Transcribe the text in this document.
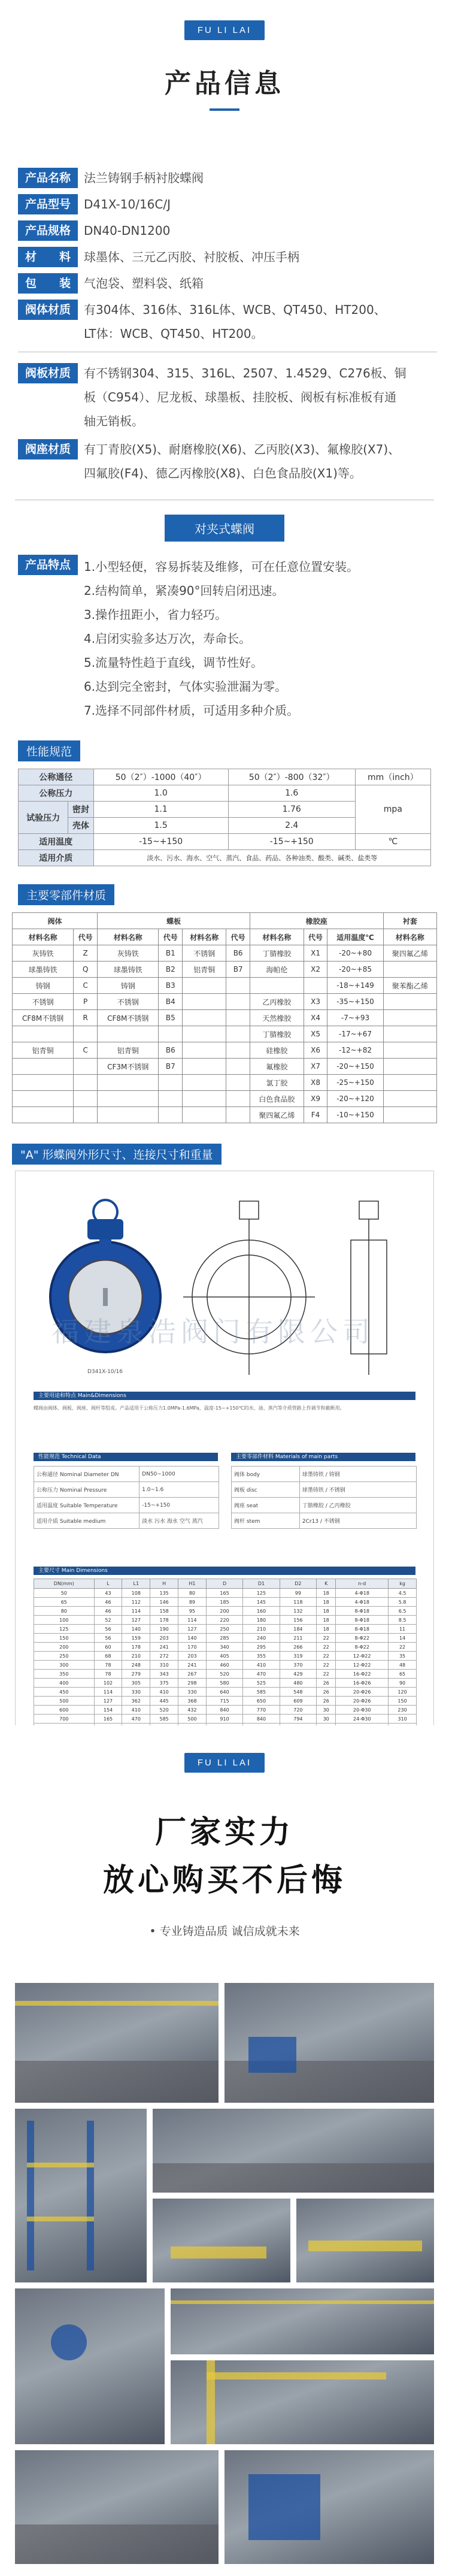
FU LI LAI
产品信息
产品名称	法兰铸钢手柄衬胶蝶阀
产品型号	D41X-10/16C/J
产品规格	DN40-DN1200
材　　料	球墨体、三元乙丙胶、衬胶板、冲压手柄
包　　装	气泡袋、塑料袋、纸箱
阀体材质	有304体、316体、316L体、WCB、QT450、HT200、
LT体：WCB、QT450、HT200。
阀板材质	有不锈钢304、315、316L、2507、1.4529、C276板、铜
板（C954）、尼龙板、球墨板、挂胶板、阀板有标准板有通
轴无销板。
阀座材质	有丁青胶(X5)、耐磨橡胶(X6)、乙丙胶(X3)、氟橡胶(X7)、
四氟胶(F4)、德乙丙橡胶(X8)、白色食品胶(X1)等。
对夹式蝶阀
产品特点	1.小型轻便，容易拆装及维修，可在任意位置安装。
2.结构简单，紧凑90°回转启闭迅速。
3.操作扭距小，省力轻巧。
4.启闭实验多达万次，寿命长。
5.流量特性趋于直线，调节性好。
6.达到完全密封，气体实验泄漏为零。
7.选择不同部件材质，可适用多种介质。
性能规范
公称通径		50（2″）-1000（40″）	50（2″）-800（32″）	mm（inch）
公称压力		1.0	1.6	mpa
试验压力	密封	1.1	1.76	
	壳体	1.5	2.4	
适用温度		-15~+150	-15~+150	℃
适用介质		淡水、污水、海水、空气、蒸汽、食品、药品、各种油类、酸类、碱类、盐类等		
主要零部件材质
阀体		蝶板				橡胶座			衬套
材料名称	代号	材料名称	代号	材料名称	代号	材料名称	代号	适用温度℃	材料名称
灰铸铁	Z	灰铸铁	B1	不锈钢	B6	丁腈橡胶	X1	-20~+80	聚四氟乙烯
球墨铸铁	Q	球墨铸铁	B2	铝青铜	B7	海帕伦	X2	-20~+85	
铸钢	C	铸钢	B3					-18~+149	聚苯酯乙烯
不锈钢	P	不锈钢	B4			乙丙橡胶	X3	-35~+150	
CF8M不锈钢	R	CF8M不锈钢	B5			天然橡胶	X4	-7~+93	
						丁腈橡胶	X5	-17~+67	
铝青铜	C	铝青铜	B6			硅橡胶	X6	-12~+82	
		CF3M不锈钢	B7			氟橡胶	X7	-20~+150	
						氯丁胶	X8	-25~+150	
						白色食品胶	X9	-20~+120	
						聚四氟乙烯	F4	-10~+150	
"A" 形蝶阀外形尺寸、连接尺寸和重量
福建泉浩阀门有限公司
D341X-10/16
主要用途和特点 Main&Dimensions
蝶阀由阀体、阀板、阀座、阀杆等组成。产品适用于公称压力1.0MPa-1.6MPa，温度-15~+150℃的水、油、蒸汽等介质管路上作调节和截断用。
性能规范 Technical Data	主要零部件材料 Materials of main parts
公称通径 Nominal Diameter DN	DN50~1000
公称压力 Nominal Pressure	1.0~1.6
适用温度 Suitable Temperature	-15~+150
适用介质 Suitable medium	淡水 污水 海水 空气 蒸汽
阀体 body	球墨铸铁 / 铸钢
阀板 disc	球墨铸铁 / 不锈钢
阀座 seat	丁腈橡胶 / 乙丙橡胶
阀杆 stem	2Cr13 / 不锈钢
主要尺寸 Main Dimensions
DN(mm)	L	L1	H	H1	D	D1	D2	K	n-d	kg
50	43	108	135	80	165	125	99	18	4-Φ18	4.5
65	46	112	146	89	185	145	118	18	4-Φ18	5.8
80	46	114	158	95	200	160	132	18	8-Φ18	6.5
100	52	127	178	114	220	180	156	18	8-Φ18	8.5
125	56	140	190	127	250	210	184	18	8-Φ18	11
150	56	159	203	140	285	240	211	22	8-Φ22	14
200	60	178	241	170	340	295	266	22	8-Φ22	22
250	68	210	272	203	405	355	319	22	12-Φ22	35
300	78	248	310	241	460	410	370	22	12-Φ22	48
350	78	279	343	267	520	470	429	22	16-Φ22	65
400	102	305	375	298	580	525	480	26	16-Φ26	90
450	114	330	410	330	640	585	548	26	20-Φ26	120
500	127	362	445	368	715	650	609	26	20-Φ26	150
600	154	410	520	432	840	770	720	30	20-Φ30	230
700	165	470	585	500	910	840	794	30	24-Φ30	310

FU LI LAI
厂家实力
放心购买不后悔
• 专业铸造品质 诚信成就未来
